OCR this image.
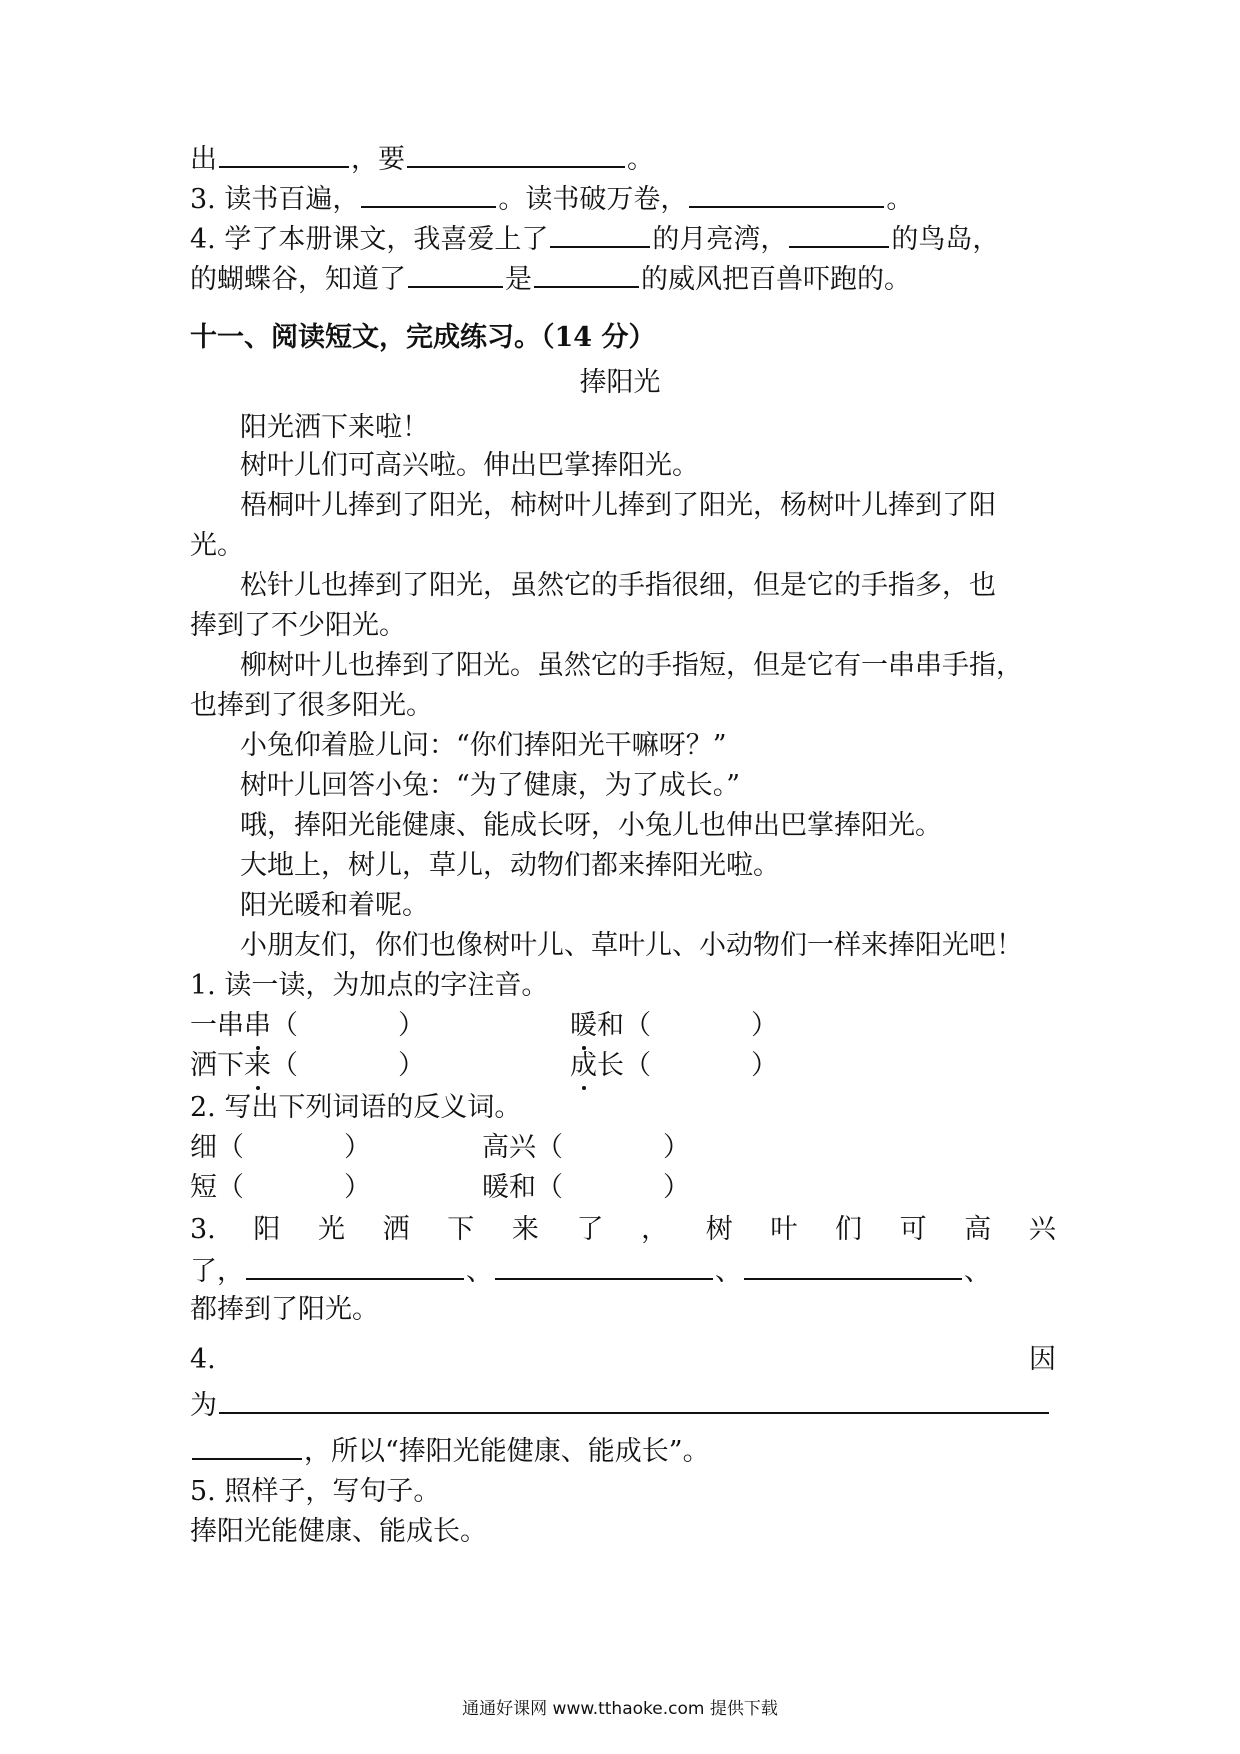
出	，要	。
3. 读书百遍，	。读书破万卷，	。
4. 学了本册课文，我喜爱上了	的月亮湾，	的鸟岛，
的蝴蝶谷，知道了	是	的威风把百兽吓跑的。
十一、阅读短文，完成练习。（14 分）
捧阳光
阳光洒下来啦！
树叶儿们可高兴啦。伸出巴掌捧阳光。
梧桐叶儿捧到了阳光，柿树叶儿捧到了阳光，杨树叶儿捧到了阳
光。
松针儿也捧到了阳光，虽然它的手指很细，但是它的手指多，也
捧到了不少阳光。
柳树叶儿也捧到了阳光。虽然它的手指短，但是它有一串串手指，
也捧到了很多阳光。
小兔仰着脸儿问：“你们捧阳光干嘛呀？”
树叶儿回答小兔：“为了健康，为了成长。”
哦，捧阳光能健康、能成长呀，小兔儿也伸出巴掌捧阳光。
大地上，树儿，草儿，动物们都来捧阳光啦。
阳光暖和着呢。
小朋友们，你们也像树叶儿、草叶儿、小动物们一样来捧阳光吧！
1. 读一读，为加点的字注音。
一串串（	）	暖和（	）
洒下来（	）	成长（	）
2. 写出下列词语的反义词。
细（	）	高兴（	）
短（	）	暖和（	）
3. 阳 光 洒 下 来 了 ， 树 叶 们 可 高 兴
了，	、	、	、
都捧到了阳光。
4.	因
为
，所以“捧阳光能健康、能成长”。
5. 照样子，写句子。
捧阳光能健康、能成长。
通通好课网 www.tthaoke.com 提供下载
